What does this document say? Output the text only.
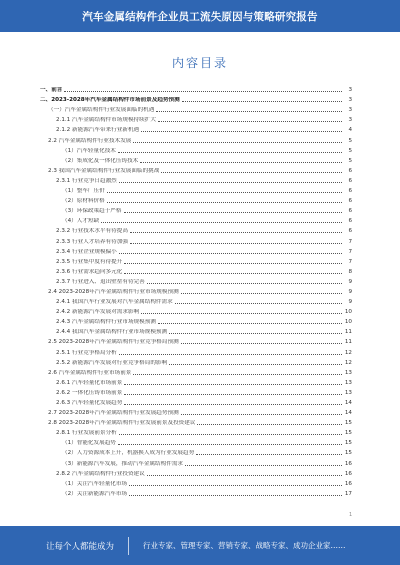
汽车金属结构件企业员工流失原因与策略研究报告
内容目录
一、前言	3
二、2023-2028年汽车金属结构件市场前景及趋势预测	3
（一）汽车金属结构件行业发展面临的机遇	3
2.1.1 汽车金属结构件市场规模持续扩大	3
2.1.2 新能源汽车带来行业新机遇	4
2.2 汽车金属结构件行业技术发展	5
（1）汽车轻量化技术	5
（2）集成化及一体化压铸技术	5
2.3 我国汽车金属结构件行业发展面临的挑战	6
2.3.1 行业竞争日趋激烈	6
（1）整车厂压价	6
（2）原材料价格	6
（3）环保政策趋于严格	6
（4）人才短缺	6
2.3.2 行业技术水平有待提高	6
2.3.3 行业人才培养有待加强	7
2.3.4 行业企业规模偏小	7
2.3.5 行业集中度有待提升	7
2.3.6 行业需求趋向多元化	8
2.3.7 行业进入、退出壁垒有待完善	9
2.4 2023-2028年汽车金属结构件行业市场规模预测	9
2.4.1 我国汽车行业发展对汽车金属结构件需求	9
2.4.2 新能源汽车发展对需求影响	10
2.4.3 汽车金属结构件行业市场规模预测	10
2.4.4 我国汽车金属结构件行业市场规模预测	11
2.5 2023-2028年汽车金属结构件行业竞争格局预测	11
2.5.1 行业竞争格局分析	12
2.5.2 新能源汽车发展对行业竞争格局的影响	12
2.6 汽车金属结构件行业市场前景	13
2.6.1 汽车轻量化市场前景	13
2.6.2 一体化压铸市场前景	13
2.6.3 汽车轻量化发展趋势	14
2.7 2023-2028年汽车金属结构件行业发展趋势预测	14
2.8 2023-2028年汽车金属结构件行业发展前景及投资建议	15
2.8.1 行业发展前景分析	15
（1）智能化发展趋势	15
（2）人力资源成本上升，机器换人成为行业发展趋势	15
（3）新能源汽车发展，推动汽车金属结构件需求	16
2.8.2 汽车金属结构件行业投资建议	16
（1）关注汽车轻量化市场	16
（2）关注新能源汽车市场	17
1
让每个人都能成为	行业专家、管理专家、营销专家、战略专家、成功企业家……
